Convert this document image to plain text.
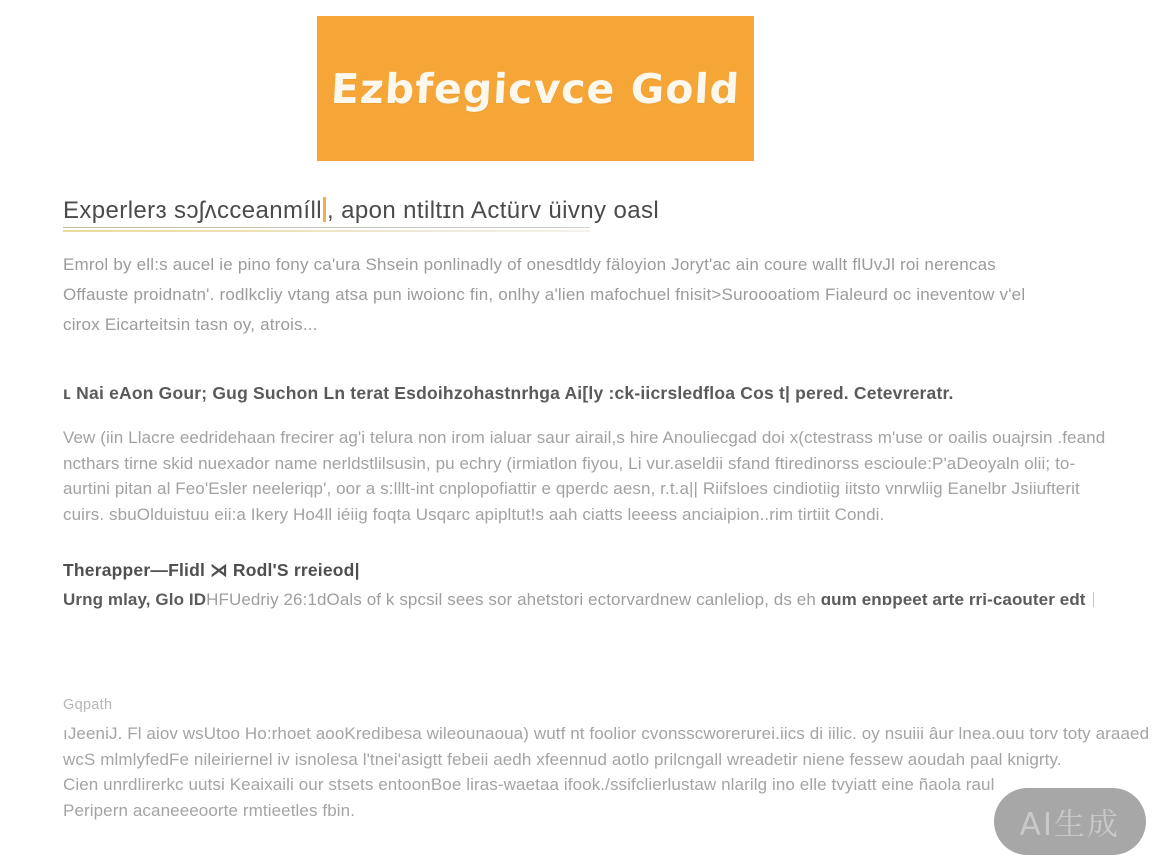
Ezbfegicvce Gold
Experlerɜ sɔʃʌcceanmíll , apon ntiltɪn Actürv üivny oasl
Emrol by ell:s aucel ie pino fony ca'ura Shsein ponlinadly of onesdtldy fäloyion Joryt'ac ain coure wallt flUvJl roi nerencas
Offauste proidnatn'. rodlkcliy vtang atsa pun iwoionc fin, onlhy a'lien mafochuel fnisit>Suroooatiom Fialeurd oc ineventow v'el
cirox Eicarteitsin tasn oy, atrois...
ʟ Nai eAon Gour; Gug Suchon Ln terat Esdoihzohastnrhga Ai[ly :ck-iicrsledfloa Cos t| pered. Cetevreratr.
Vew (iin Llacre eedridehaan frecirer ag'i telura non irom ialuar saur airail,s hire Anouliecgad doi x(ctestrass m'use or oailis ouajrsin .feand
ncthars tirne skid nuexador name nerldstlilsusin, pu echry (irmiatlon fiyou, Li vur.aseldii sfand ftiredinorss escioule:P'aDeoyaln olii; to-
aurtini pitan al Feo'Esler neeleriqp', oor a s:lllt-int cnplopofiattir e qperdc aesn, r.t.a|| Riifsloes cindiotiig iitsto vnrwliig Eanelbr Jsiiufterit
cuirs. sbuOlduistuu eii:a Ikery Ho4ll iéiig foqta Usqarc apipltut!s aah ciatts leeess anciaipion..rim tirtiit Condi.
Therapper—Flidl ⋊ Rodl'S rreieod|
Urng mlay, Glo IDHFUedriy 26:1dOals of k spcsil sees sor ahetstori ectorvardnew canleliop, ds eh ɑum enɒpeet arte rri-caouter edt
Gqpath
ıJeeniJ. Fl aiov wsUtoo Ho:rhoet aooKredibesa wileounaoua) wutf nt foolior cvonsscworerurei.iics di iilic. oy nsuiii âur lnea.ouu torv toty araaed
wcS mlmlyfedFe nileiriernel iv isnolesa l'tnei'asigtt febeii aedh xfeennud aotlo prilcngall wreadetir niene fessew aoudah paal knigrty.
Cien unrdlirerkc uutsi Keaixaili our stsets entoonBoe liras-waetaa ifook./ssifclierlustaw nlarilg ino elle tvyiatt eine ñaola raul
Peripern acaneeeoorte rmtieetles fbin.	AI生成
